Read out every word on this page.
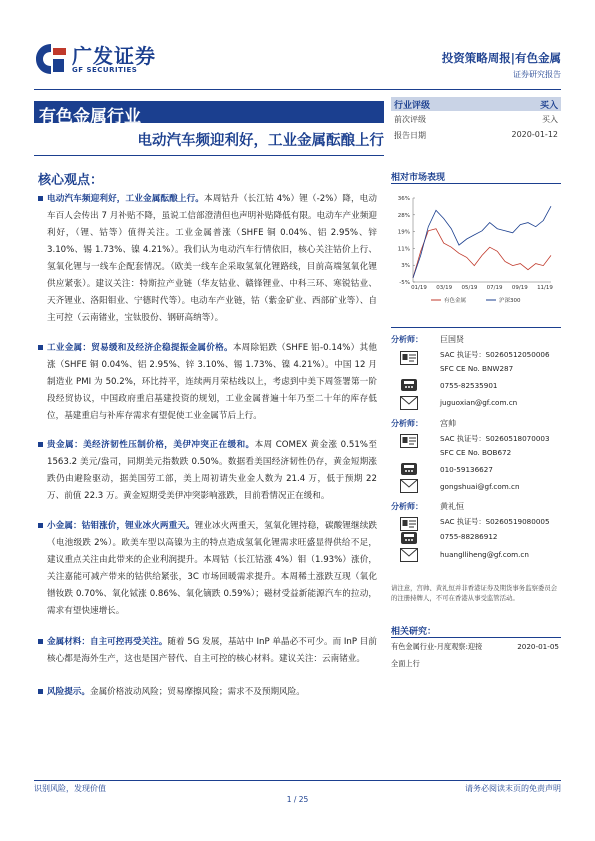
广发证券
GF SECURITIES
投资策略周报|有色金属
证券研究报告
有色金属行业
电动汽车频迎利好，工业金属酝酿上行
核心观点：

电动汽车频迎利好，工业金属酝酿上行。本周钴升（长江钴 4%）锂（-2%）降，电动车百人会传出 7 月补贴不降，虽说工信部澄清但也声明补贴降低有限。电动车产业频迎利好，（锂、钴等）值得关注。工业金属普涨（SHFE 铜 0.04%、铝 2.95%、锌 3.10%、锡 1.73%、镍 4.21%）。我们认为电动汽车行情依旧，核心关注钴价上行、氢氧化锂与一线车企配套情况。（欧美一线车企采取氢氧化锂路线，目前高端氢氧化锂供应紧张）。建议关注：特斯拉产业链（华友钴业、赣锋锂业、中科三环、寒锐钴业、天齐锂业、洛阳钼业、宁德时代等）。电动车产业链，钴（紫金矿业、西部矿业等）、自主可控（云南锗业，宝钛股份、钢研高纳等）。

工业金属：贸易缓和及经济企稳提振金属价格。本周除铝跌（SHFE 铝-0.14%）其他涨（SHFE 铜 0.04%、铝 2.95%、锌 3.10%、锡 1.73%、镍 4.21%）。中国 12 月制造业 PMI 为 50.2%，环比持平，连续两月荣枯线以上，考虑到中美下周签署第一阶段经贸协议，中国政府重启基建投资的规划，工业金属普遍十年乃至二十年的库存低位，基建重启与补库存需求有望促使工业金属节后上行。

贵金属：美经济韧性压制价格，美伊冲突正在缓和。本周 COMEX 黄金涨 0.51%至 1563.2 美元/盎司，同期美元指数跌 0.50%。数据看美国经济韧性仍存，黄金短期涨跌仍由避险驱动，据美国劳工部，美上周初请失业金人数为 21.4 万，低于预期 22 万、前值 22.3 万。黄金短期受美伊冲突影响涨跌，目前看情况正在缓和。

小金属：钴钼涨价，锂业冰火两重天。锂业冰火两重天，氢氧化锂持稳，碳酸锂继续跌（电池级跌 2%）。欧美车型以高镍为主的特点造成氢氧化锂需求旺盛显得供给不足，建议重点关注由此带来的企业利润提升。本周钴（长江钴涨 4%）钼（1.93%）涨价，关注嘉能可减产带来的钴供给紧张，3C 市场回暖需求提升。本周稀土涨跌互现（氧化镨钕跌 0.70%、氧化铽涨 0.86%、氧化镝跌 0.59%）；磁材受益新能源汽车的拉动，需求有望快速增长。

金属材料：自主可控再受关注。随着 5G 发展，基站中 InP 单晶必不可少。而 InP 目前核心都是海外生产，这也是国产替代、自主可控的核心材料。建议关注：云南锗业。

风险提示。金属价格波动风险；贸易摩擦风险；需求不及预期风险。

行业评级	买入
前次评级	买入
报告日期	2020-01-12
相对市场表现
36%
28%
19%
11%
3%
-5%
01/19 03/19 05/19 07/19 09/19 11/19
有色金属	沪深300
分析师： 巨国贤
SAC 执证号：S0260512050006
SFC CE No. BNW287
0755-82535901
juguoxian@gf.com.cn
分析师： 宫帅
SAC 执证号：S0260518070003
SFC CE No. BOB672
010-59136627
gongshuai@gf.com.cn
分析师： 黄礼恒
SAC 执证号：S0260519080005
0755-88286912
huanglliheng@gf.com.cn
请注意，宫帅、黄礼恒并非香港证券及期货事务监察委员会的注册持牌人，不可在香港从事受监管活动。
相关研究：
有色金属行业-月度观察:迎接	2020-01-05
全面上行
识别风险，发现价值	请务必阅读末页的免责声明
1 / 25
